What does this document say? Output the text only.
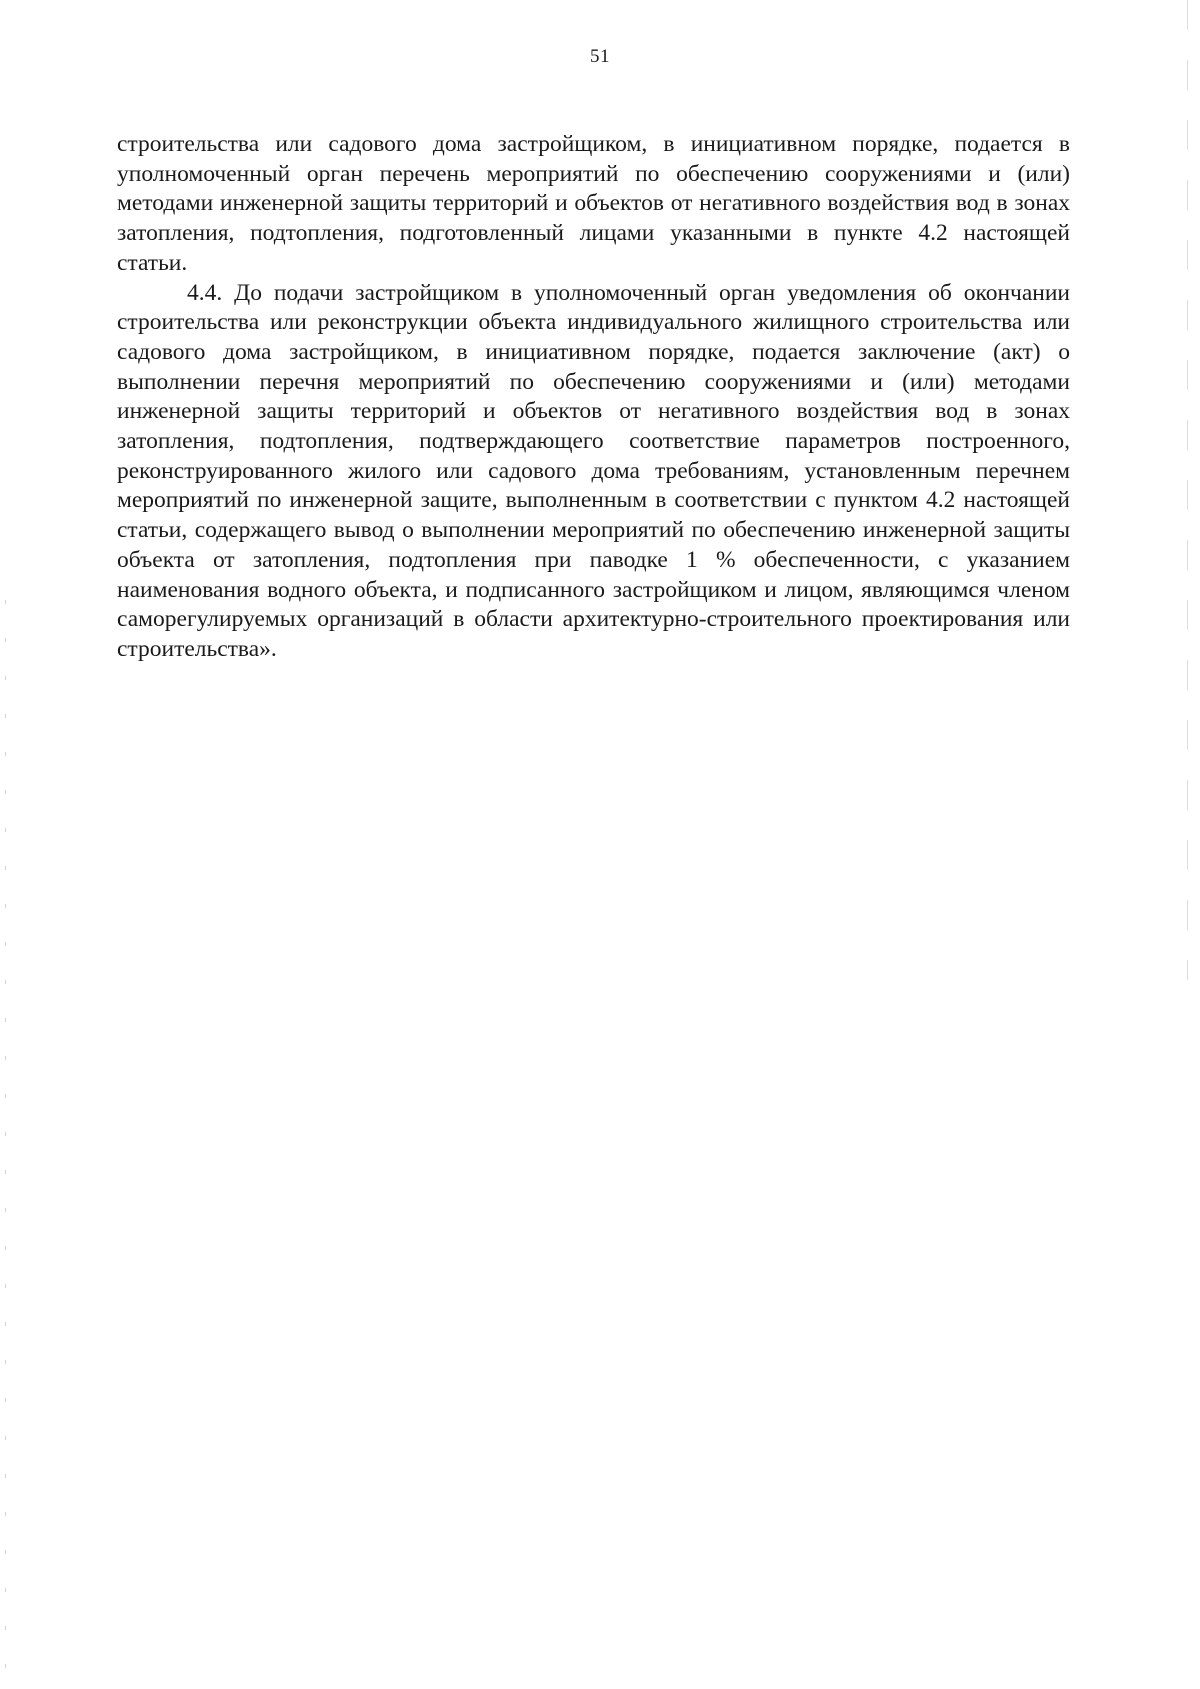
51

строительства или садового дома застройщиком, в инициативном порядке, подается в уполномоченный орган перечень мероприятий по обеспечению сооружениями и (или) методами инженерной защиты территорий и объектов от негативного воздействия вод в зонах затопления, подтопления, подготовленный лицами указанными в пункте 4.2 настоящей статьи.

4.4. До подачи застройщиком в уполномоченный орган уведомления об окончании строительства или реконструкции объекта индивидуального жилищного строительства или садового дома застройщиком, в инициативном порядке, подается заключение (акт) о выполнении перечня мероприятий по обеспечению сооружениями и (или) методами инженерной защиты территорий и объектов от негативного воздействия вод в зонах затопления, подтопления, подтверждающего соответствие параметров построенного, реконструированного жилого или садового дома требованиям, установленным перечнем мероприятий по инженерной защите, выполненным в соответствии с пунктом 4.2 настоящей статьи, содержащего вывод о выполнении мероприятий по обеспечению инженерной защиты объекта от затопления, подтопления при паводке 1 % обеспеченности, с указанием наименования водного объекта, и подписанного застройщиком и лицом, являющимся членом саморегулируемых организаций в области архитектурно-строительного проектирования или строительства».
